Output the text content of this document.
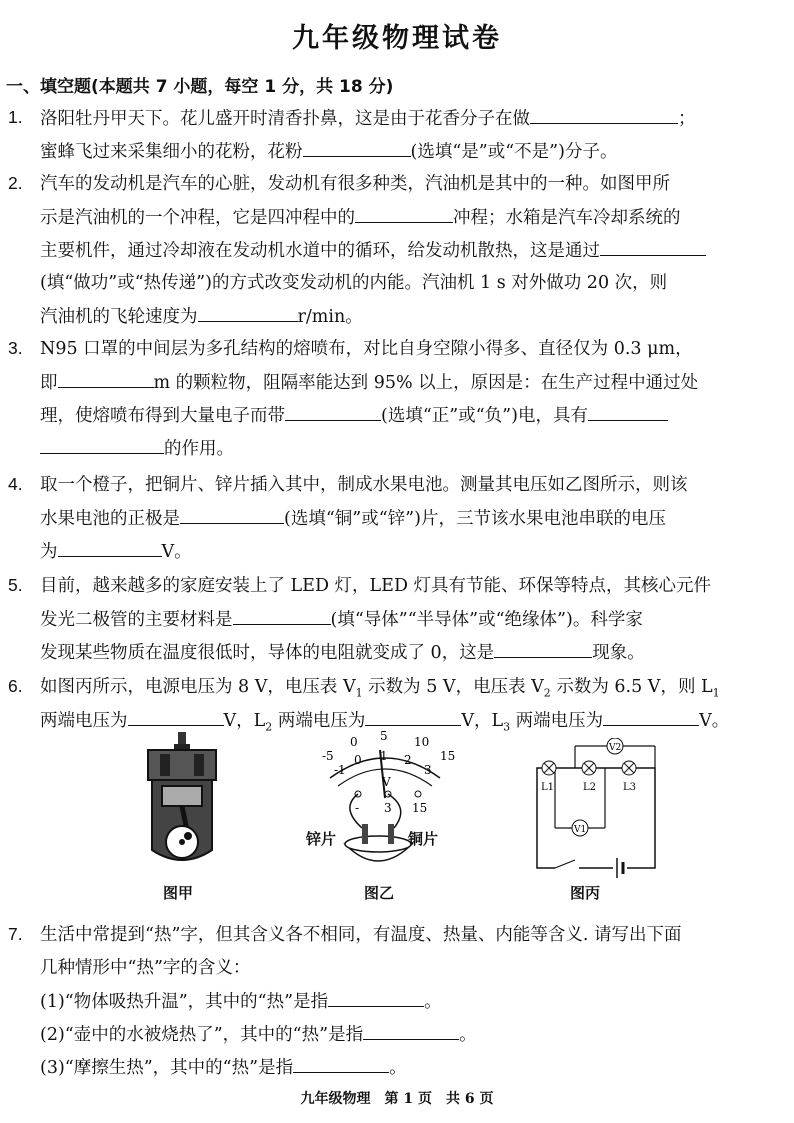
九年级物理试卷
一、填空题(本题共 7 小题，每空 1 分，共 18 分)
1. 洛阳牡丹甲天下。花儿盛开时清香扑鼻，这是由于花香分子在做	；
蜜蜂飞过来采集细小的花粉，花粉	(选填“是”或“不是”)分子。
2. 汽车的发动机是汽车的心脏，发动机有很多种类，汽油机是其中的一种。如图甲所
示是汽油机的一个冲程，它是四冲程中的	冲程；水箱是汽车冷却系统的
主要机件，通过冷却液在发动机水道中的循环，给发动机散热，这是通过
(填“做功”或“热传递”)的方式改变发动机的内能。汽油机 1 s 对外做功 20 次，则
汽油机的飞轮速度为	r/min。
3. N95 口罩的中间层为多孔结构的熔喷布，对比自身空隙小得多、直径仅为 0.3 μm，
即	m 的颗粒物，阻隔率能达到 95% 以上，原因是：在生产过程中通过处
理，使熔喷布得到大量电子而带	(选填“正”或“负”)电，具有
的作用。
4. 取一个橙子，把铜片、锌片插入其中，制成水果电池。测量其电压如乙图所示，则该
水果电池的正极是	(选填“铜”或“锌”)片，三节该水果电池串联的电压
为	V。
5. 目前，越来越多的家庭安装上了 LED 灯，LED 灯具有节能、环保等特点，其核心元件
发光二极管的主要材料是	(填“导体”“半导体”或“绝缘体”)。科学家
发现某些物质在温度很低时，导体的电阻就变成了 0，这是	现象。
6. 如图丙所示，电源电压为 8 V，电压表 $V_1$ 示数为 5 V，电压表 $V_2$ 示数为 6.5 V，则 $L_1$
两端电压为	V，$L_2$ 两端电压为	V，$L_3$ 两端电压为	V。
图甲
-5
0 5 10
15
-1
0 1 2
3
V
- 3 15
锌片	铜片
图乙
V2
V1
L1	L2	L3
图丙
7. 生活中常提到“热”字，但其含义各不相同，有温度、热量、内能等含义. 请写出下面
几种情形中“热”字的含义：
(1)“物体吸热升温”，其中的“热”是指	。
(2)“壶中的水被烧热了”，其中的“热”是指	。
(3)“摩擦生热”，其中的“热”是指	。
九年级物理　第 1 页　共 6 页
